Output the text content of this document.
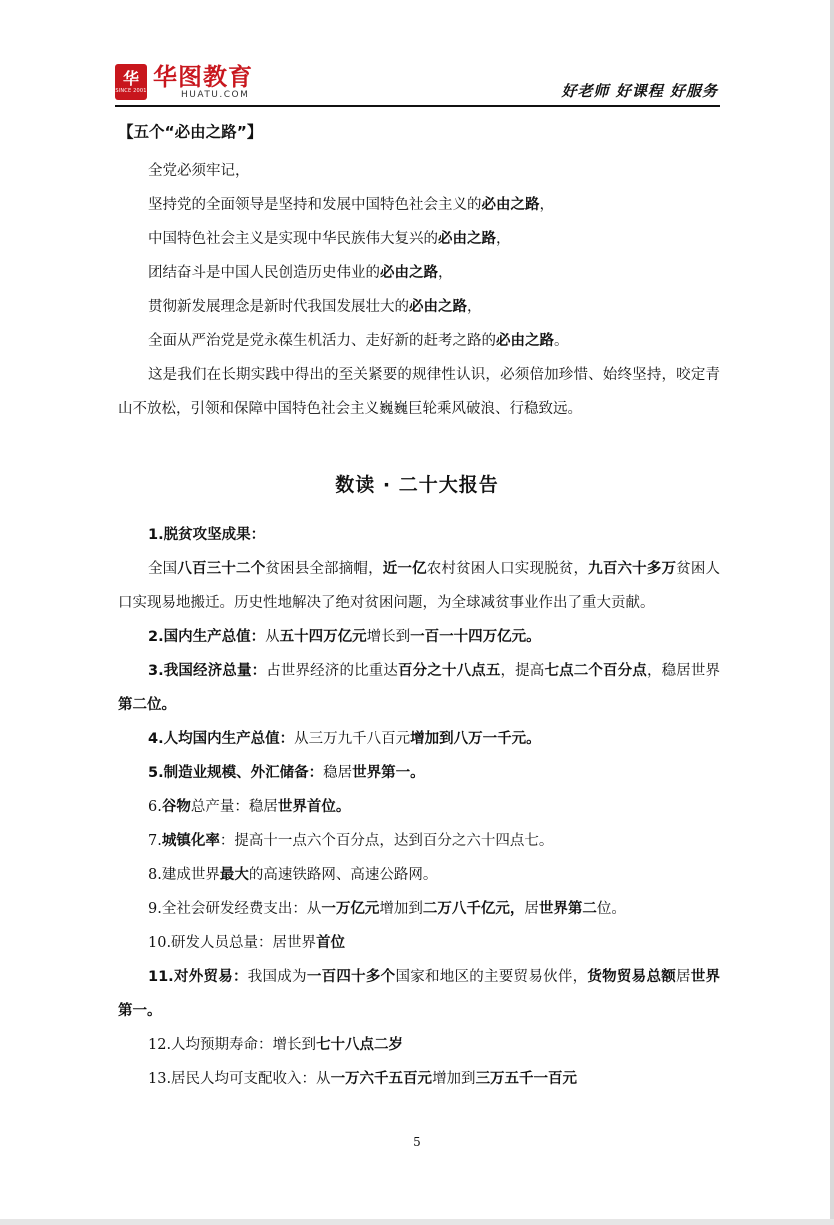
华
SINCE 2001 华图教育
HUATU.COM	好老师 好课程 好服务
【五个“必由之路”】

全党必须牢记，

坚持党的全面领导是坚持和发展中国特色社会主义的必由之路，

中国特色社会主义是实现中华民族伟大复兴的必由之路，

团结奋斗是中国人民创造历史伟业的必由之路，

贯彻新发展理念是新时代我国发展壮大的必由之路，

全面从严治党是党永葆生机活力、走好新的赶考之路的必由之路。

这是我们在长期实践中得出的至关紧要的规律性认识，必须倍加珍惜、始终坚持，咬定青山不放松，引领和保障中国特色社会主义巍巍巨轮乘风破浪、行稳致远。

数读 · 二十大报告

1.脱贫攻坚成果：

全国八百三十二个贫困县全部摘帽，近一亿农村贫困人口实现脱贫，九百六十多万贫困人口实现易地搬迁。历史性地解决了绝对贫困问题，为全球减贫事业作出了重大贡献。

2.国内生产总值：从五十四万亿元增长到一百一十四万亿元。

3.我国经济总量：占世界经济的比重达百分之十八点五，提高七点二个百分点，稳居世界第二位。

4.人均国内生产总值：从三万九千八百元增加到八万一千元。

5.制造业规模、外汇储备：稳居世界第一。

6.谷物总产量：稳居世界首位。

7.城镇化率：提高十一点六个百分点，达到百分之六十四点七。

8.建成世界最大的高速铁路网、高速公路网。

9.全社会研发经费支出：从一万亿元增加到二万八千亿元，居世界第二位。

10.研发人员总量：居世界首位

11.对外贸易：我国成为一百四十多个国家和地区的主要贸易伙伴，货物贸易总额居世界第一。

12.人均预期寿命：增长到七十八点二岁

13.居民人均可支配收入：从一万六千五百元增加到三万五千一百元

5
